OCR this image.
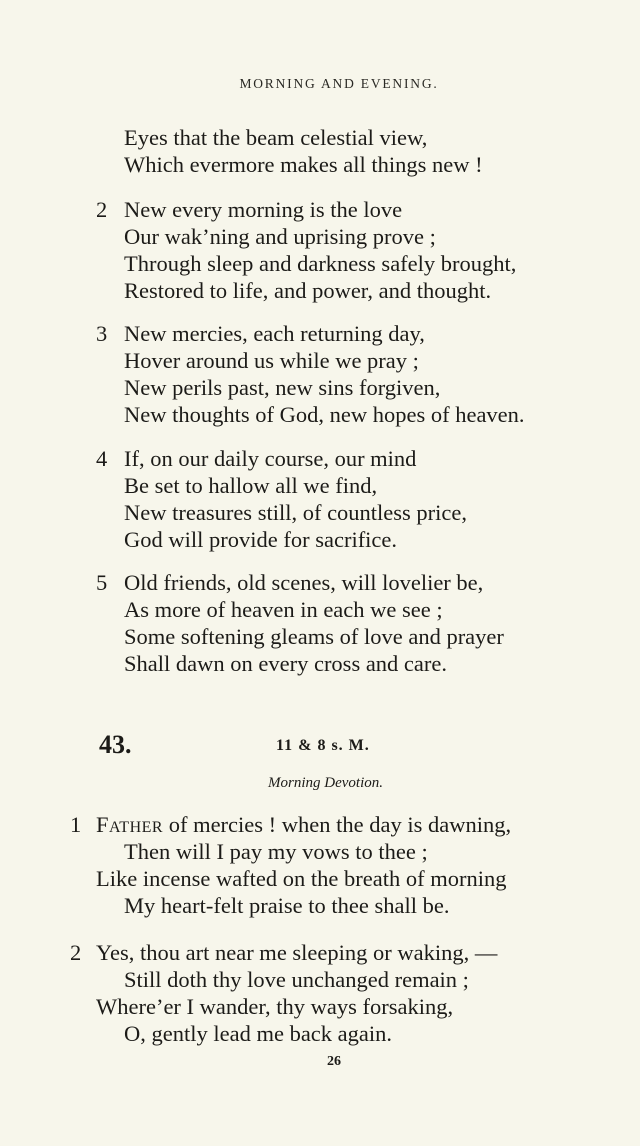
MORNING AND EVENING.
Eyes that the beam celestial view,
Which evermore makes all things new !
2 New every morning is the love
Our wak’ning and uprising prove ;
Through sleep and darkness safely brought,
Restored to life, and power, and thought.
3 New mercies, each returning day,
Hover around us while we pray ;
New perils past, new sins forgiven,
New thoughts of God, new hopes of heaven.
4 If, on our daily course, our mind
Be set to hallow all we find,
New treasures still, of countless price,
God will provide for sacrifice.
5 Old friends, old scenes, will lovelier be,
As more of heaven in each we see ;
Some softening gleams of love and prayer
Shall dawn on every cross and care.
43.	11 & 8 s. M.
Morning Devotion.
1 Father of mercies ! when the day is dawning,
Then will I pay my vows to thee ;
Like incense wafted on the breath of morning
My heart-felt praise to thee shall be.
2 Yes, thou art near me sleeping or waking, —
Still doth thy love unchanged remain ;
Where’er I wander, thy ways forsaking,
O, gently lead me back again.
26
